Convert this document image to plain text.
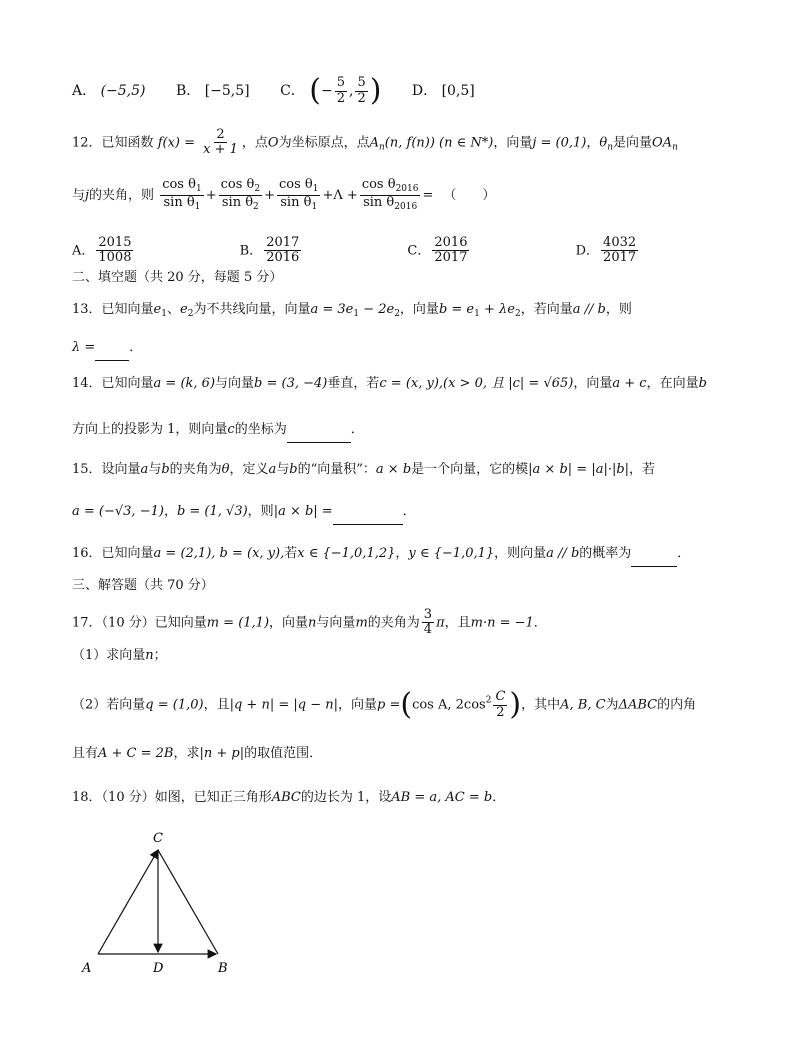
A． (−5,5) B． [−5,5] C． (− $\frac{5}{2}$ , $\frac{5}{2}$ ) D． [0,5]
12．已知函数 $f(x) = \frac{2}{x + 1}$ ，点O为坐标原点，点$A_n(n$, f(n)) (n ∈ N*)，向量j = (0,1)，$\theta_n$是向量$OA_n$
与j的夹角，则 $\frac{\cos \theta_1}{\sin \theta_1} + \frac{\cos \theta_2}{\sin \theta_2} + \frac{\cos \theta_1}{\sin \theta_1} +\Lambda + \frac{\cos \theta_{2016}}{\sin \theta_{2016}}$ = （　　）
A． $\frac{2015}{1008}$	B． $\frac{2017}{2016}$	C． $\frac{2016}{2017}$	D． $\frac{4032}{2017}$
二、填空题（共 20 分，每题 5 分）
13．已知向量$e_1$、$e_2$为不共线向量，向量$a = 3e_1 - 2e_2$，向量$b = e_1 + \lambda e_2$，若向量a // b，则
λ =	．
14．已知向量a = (k, 6)与向量b = (3, −4)垂直，若c = (x, y),(x > 0, 且 |c| = √65)，向量a + c，在向量b
方向上的投影为 1，则向量c的坐标为	．
15．设向量a与b的夹角为θ，定义a与b的“向量积”：a × b是一个向量，它的模|a × b| = |a|·|b|，若
a = (−√3, −1)，b = (1, √3)，则|a × b| =	．
16．已知向量a = (2,1), b = (x, y),若x ∈ {−1,0,1,2}，y ∈ {−1,0,1}，则向量a // b的概率为	．
三、解答题（共 70 分）
17．（10 分）已知向量m = (1,1)，向量n与向量m的夹角为 $\frac{3}{4}$ π，且m·n = −1．
（1）求向量n；
（2）若向量q = (1,0)，且|q + n| = |q − n|，向量p =(cos A, $2\cos^2 \frac{C}{2}$ )，其中A, B, C为ΔABC的内角
且有A + C = 2B，求|n + p|的取值范围．
18．（10 分）如图，已知正三角形ABC的边长为 1，设AB = a, AC = b．
C
A	D	B
